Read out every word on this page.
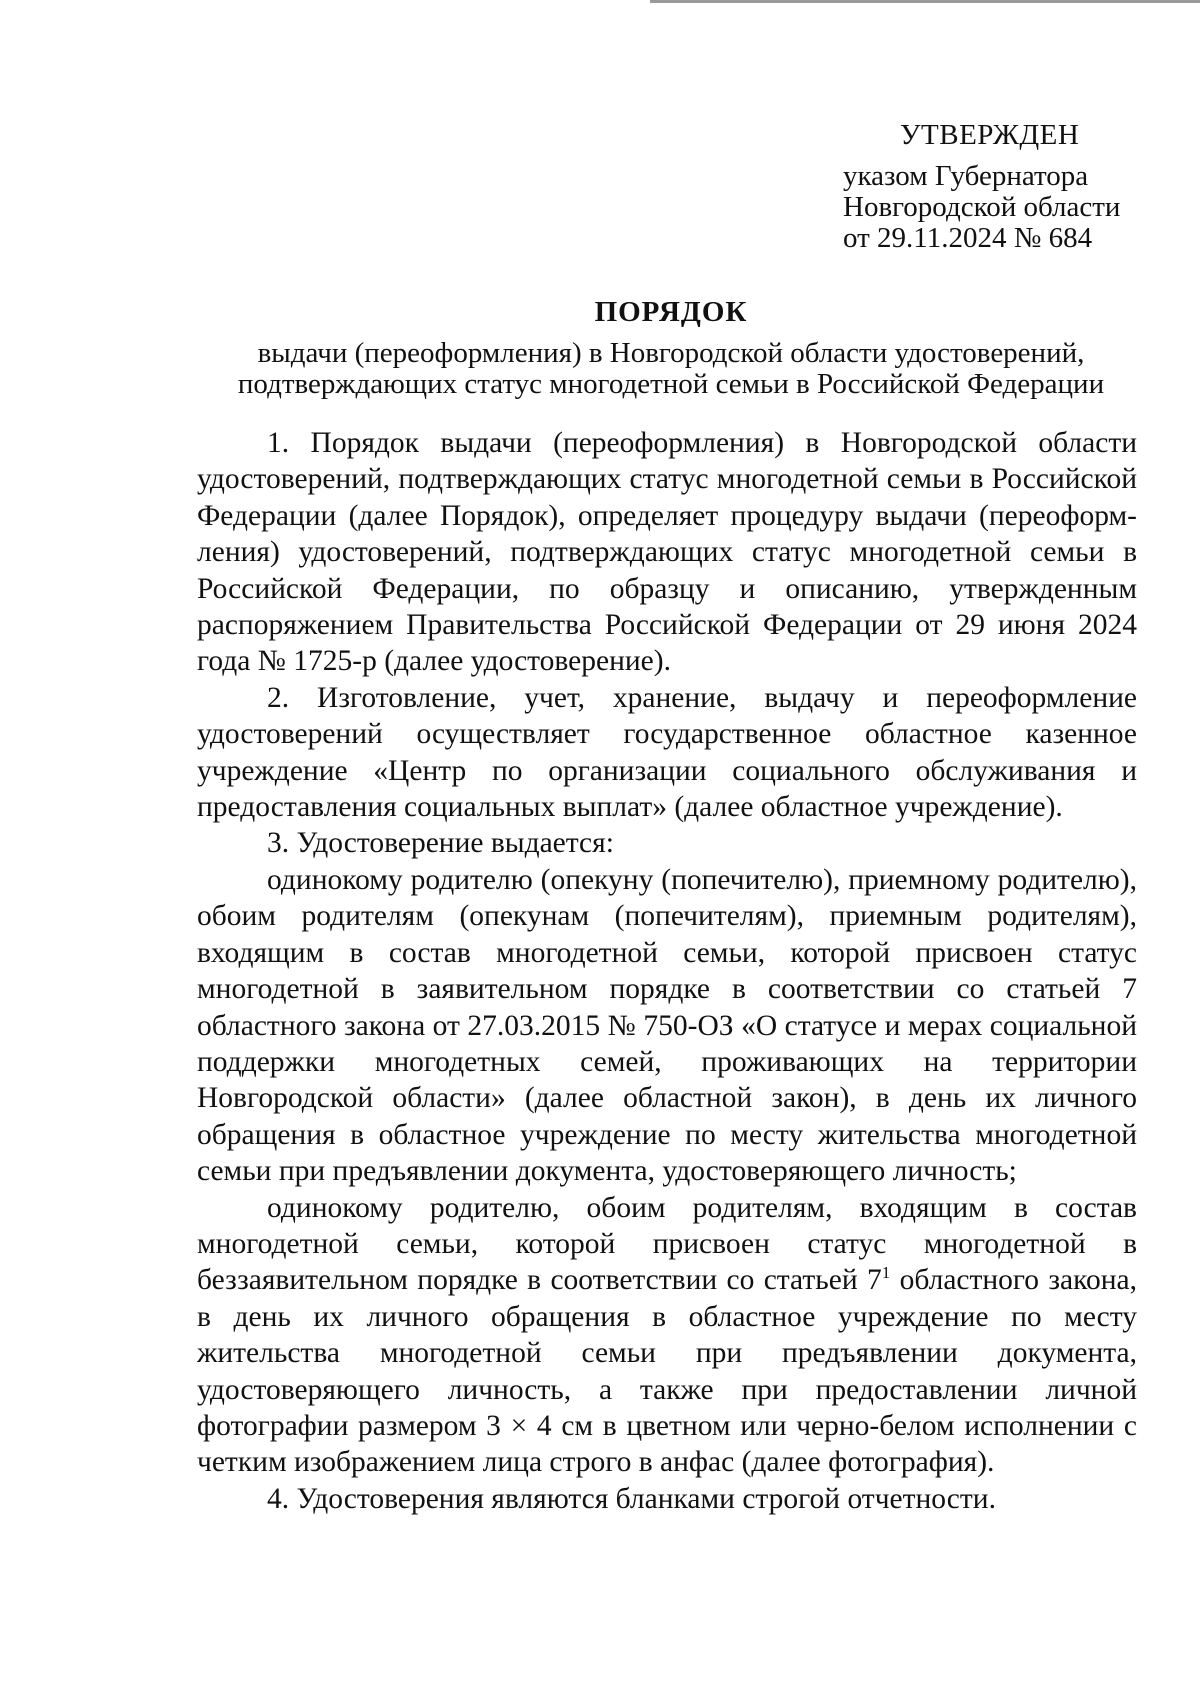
УТВЕРЖДЕН
указом Губернатора
Новгородской области
от 29.11.2024 № 684
ПОРЯДОК
выдачи (переоформления) в Новгородской области удостоверений,
подтверждающих статус многодетной семьи в Российской Федерации

1. Порядок выдачи (переоформления) в Новгородской области удостоверений, подтверждающих статус многодетной семьи в Российской Федерации (далее Порядок), определяет процедуру выдачи (переоформления) удостоверений, подтверждающих статус многодетной семьи в Российской Федерации, по образцу и описанию, утвержденным распоряжением Правительства Российской Федерации от 29 июня 2024 года № 1725-р (далее удостоверение).

2. Изготовление, учет, хранение, выдачу и переоформление удостоверений осуществляет государственное областное казенное учреждение «Центр по организации социального обслуживания и предоставления социальных выплат» (далее областное учреждение).

3. Удостоверение выдается:

одинокому родителю (опекуну (попечителю), приемному родителю), обоим родителям (опекунам (попечителям), приемным родителям), входящим в состав многодетной семьи, которой присвоен статус многодетной в заявительном порядке в соответствии со статьей 7 областного закона от 27.03.2015 № 750-ОЗ «О статусе и мерах социальной поддержки многодетных семей, проживающих на территории Новгородской области» (далее областной закон), в день их личного обращения в областное учреждение по месту жительства многодетной семьи при предъявлении документа, удостоверяющего личность;

одинокому родителю, обоим родителям, входящим в состав многодетной семьи, которой присвоен статус многодетной в беззаявительном порядке в соответствии со статьей $7^1$ областного закона, в день их личного обращения в областное учреждение по месту жительства многодетной семьи при предъявлении документа, удостоверяющего личность, а также при предоставлении личной фотографии размером 3 × 4 см в цветном или черно-белом исполнении с четким изображением лица строго в анфас (далее фотография).

4. Удостоверения являются бланками строгой отчетности.
